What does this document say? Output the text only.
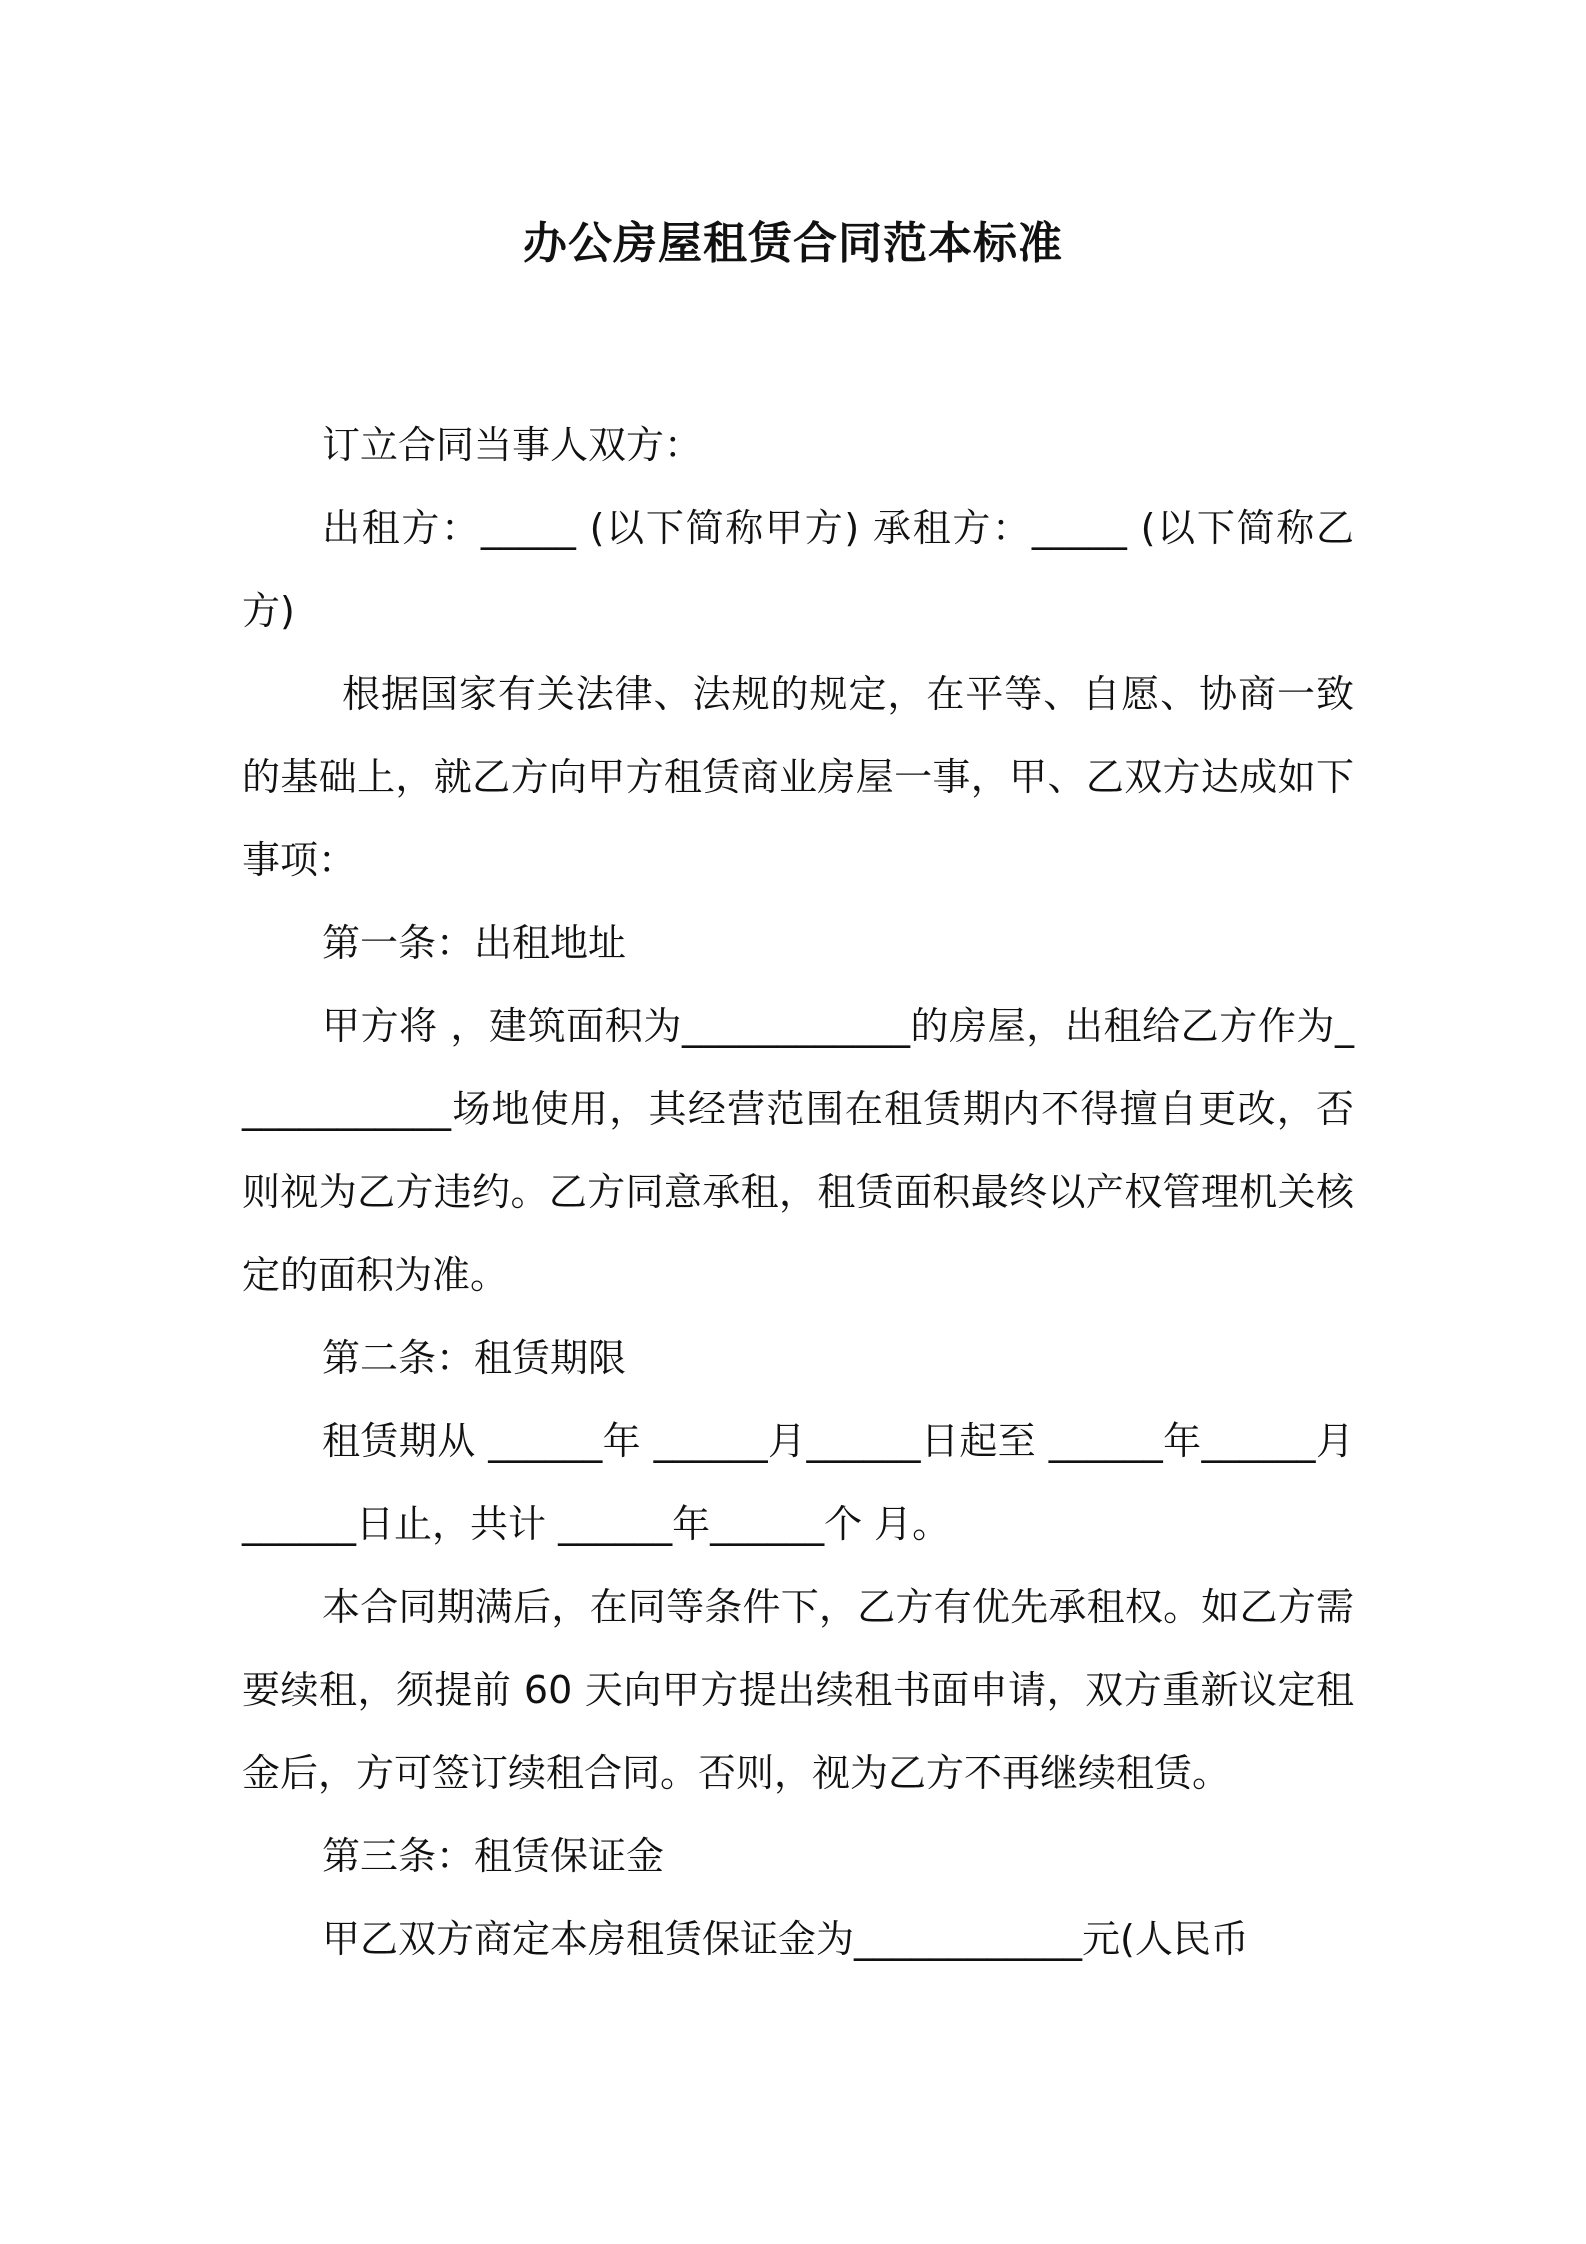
办公房屋租赁合同范本标准

订立合同当事人双方：

出租方：_____ (以下简称甲方) 承租方：_____ (以下简称乙方)

根据国家有关法律、法规的规定，在平等、自愿、协商一致的基础上，就乙方向甲方租赁商业房屋一事，甲、乙双方达成如下事项：

第一条：出租地址

甲方将 ，建筑面积为____________的房屋，出租给乙方作为____________场地使用，其经营范围在租赁期内不得擅自更改，否则视为乙方违约。乙方同意承租，租赁面积最终以产权管理机关核定的面积为准。

第二条：租赁期限

租赁期从 ______年 ______月______日起至 ______年______月______日止，共计 ______年______个 月。

本合同期满后，在同等条件下，乙方有优先承租权。如乙方需要续租，须提前 60 天向甲方提出续租书面申请，双方重新议定租金后，方可签订续租合同。否则，视为乙方不再继续租赁。

第三条：租赁保证金

甲乙双方商定本房租赁保证金为____________元(人民币
